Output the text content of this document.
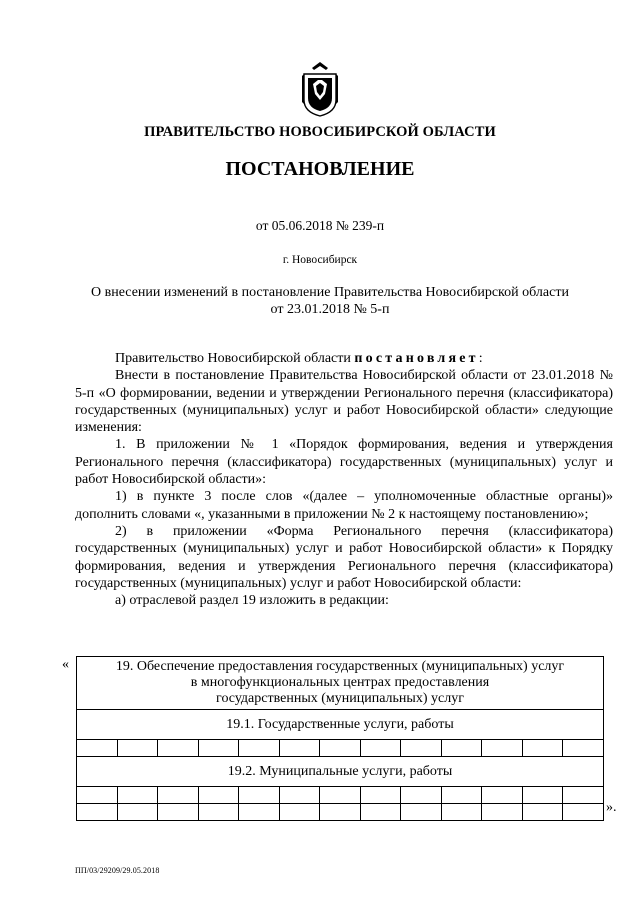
ПРАВИТЕЛЬСТВО НОВОСИБИРСКОЙ ОБЛАСТИ
ПОСТАНОВЛЕНИЕ
от 05.06.2018 № 239-п
г. Новосибирск
О внесении изменений в постановление Правительства Новосибирской области
от 23.01.2018 № 5-п

Правительство Новосибирской области постановляет:

Внести в постановление Правительства Новосибирской области от 23.01.2018 № 5-п «О формировании, ведении и утверждении Регионального перечня (классификатора) государственных (муниципальных) услуг и работ Новосибирской области» следующие изменения:

1. В приложении № 1 «Порядок формирования, ведения и утверждения Регионального перечня (классификатора) государственных (муниципальных) услуг и работ Новосибирской области»:

1) в пункте 3 после слов «(далее – уполномоченные областные органы)» дополнить словами «, указанными в приложении № 2 к настоящему постановлению»;

2) в приложении «Форма Регионального перечня (классификатора) государственных (муниципальных) услуг и работ Новосибирской области» к Порядку формирования, ведения и утверждения Регионального перечня (классификатора) государственных (муниципальных) услуг и работ Новосибирской области:

а) отраслевой раздел 19 изложить в редакции:

«	19. Обеспечение предоставления государственных (муниципальных) услуг
в многофункциональных центрах предоставления
государственных (муниципальных) услуг												

19.1. Государственные услуги, работы												

19.2. Муниципальные услуги, работы												

».
ПП/03/29209/29.05.2018
